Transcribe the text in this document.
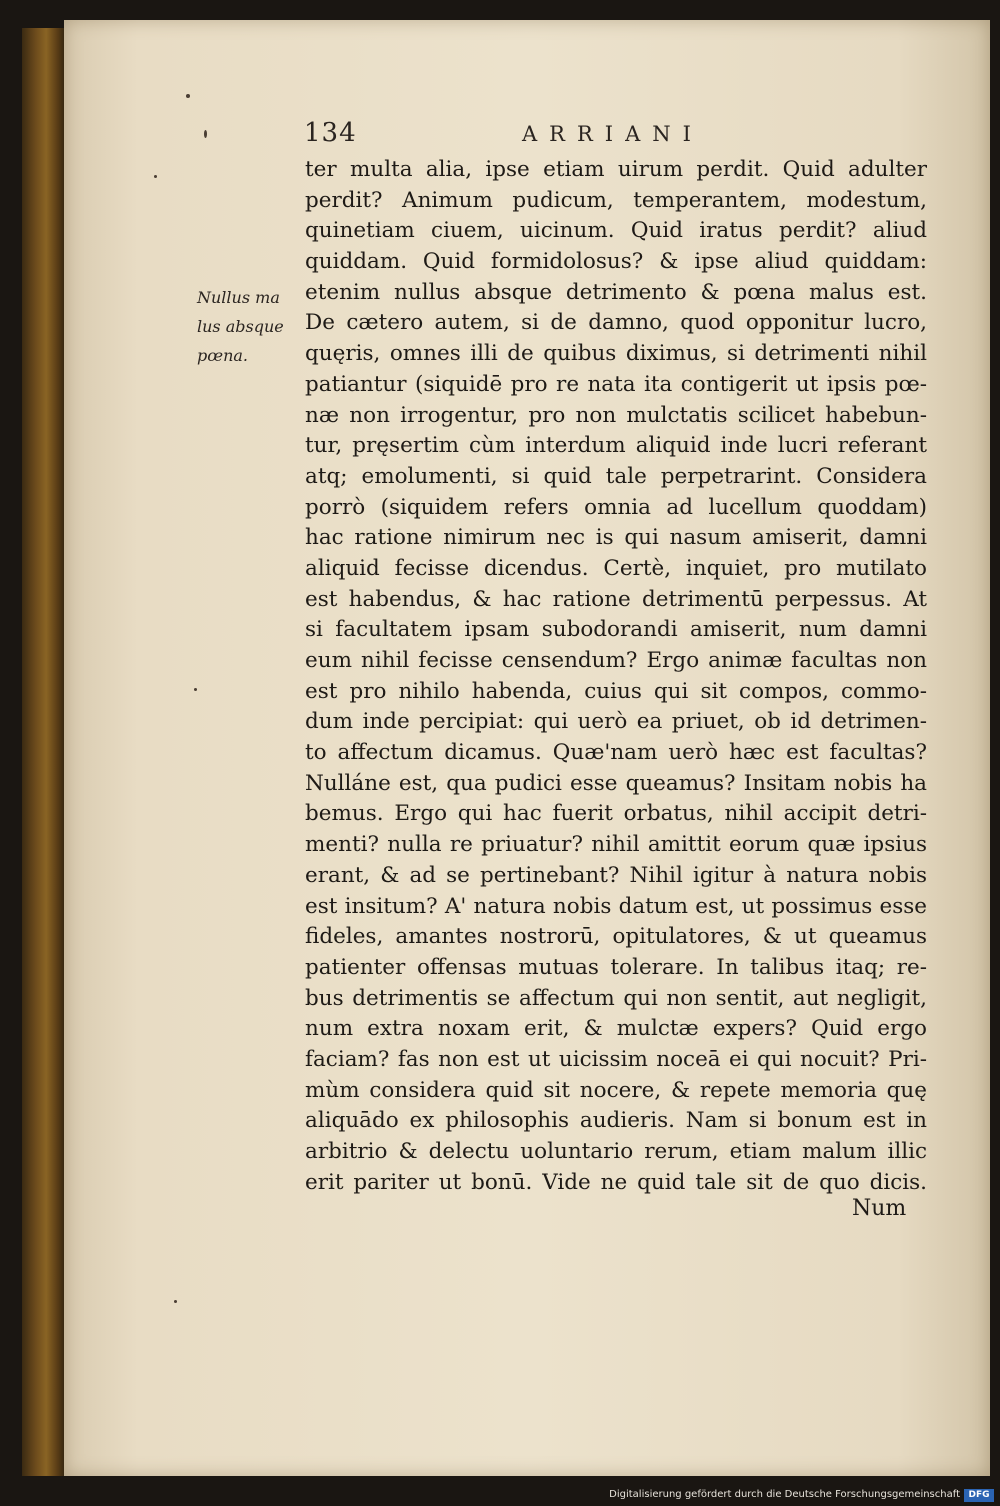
134	ARRIANI
Nullus ma
lus absque
pœna.
ter multa alia, ipse etiam uirum perdit. Quid adulter
perdit? Animum pudicum, temperantem, modestum,
quinetiam ciuem, uicinum. Quid iratus perdit? aliud
quiddam. Quid formidolosus? & ipse aliud quiddam:
etenim nullus absque detrimento & pœna malus est.
De cætero autem, si de damno, quod opponitur lucro,
quęris, omnes illi de quibus diximus, si detrimenti nihil
patiantur (siquidē pro re nata ita contigerit ut ipsis pœ-
næ non irrogentur, pro non mulctatis scilicet habebun-
tur, pręsertim cùm interdum aliquid inde lucri referant
atq; emolumenti, si quid tale perpetrarint. Considera
porrò (siquidem refers omnia ad lucellum quoddam)
hac ratione nimirum nec is qui nasum amiserit, damni
aliquid fecisse dicendus. Certè, inquiet, pro mutilato
est habendus, & hac ratione detrimentū perpessus. At
si facultatem ipsam subodorandi amiserit, num damni
eum nihil fecisse censendum? Ergo animæ facultas non
est pro nihilo habenda, cuius qui sit compos, commo-
dum inde percipiat: qui uerò ea priuet, ob id detrimen-
to affectum dicamus. Quæ'nam uerò hæc est facultas?
Nulláne est, qua pudici esse queamus? Insitam nobis ha
bemus. Ergo qui hac fuerit orbatus, nihil accipit detri-
menti? nulla re priuatur? nihil amittit eorum quæ ipsius
erant, & ad se pertinebant? Nihil igitur à natura nobis
est insitum? A' natura nobis datum est, ut possimus esse
fideles, amantes nostrorū, opitulatores, & ut queamus
patienter offensas mutuas tolerare. In talibus itaq; re-
bus detrimentis se affectum qui non sentit, aut negligit,
num extra noxam erit, & mulctæ expers? Quid ergo
faciam? fas non est ut uicissim noceā ei qui nocuit? Pri-
mùm considera quid sit nocere, & repete memoria quę
aliquādo ex philosophis audieris. Nam si bonum est in
arbitrio & delectu uoluntario rerum, etiam malum illic
erit pariter ut bonū. Vide ne quid tale sit de quo dicis.
Num
Digitalisierung gefördert durch die Deutsche Forschungsgemeinschaft DFG
